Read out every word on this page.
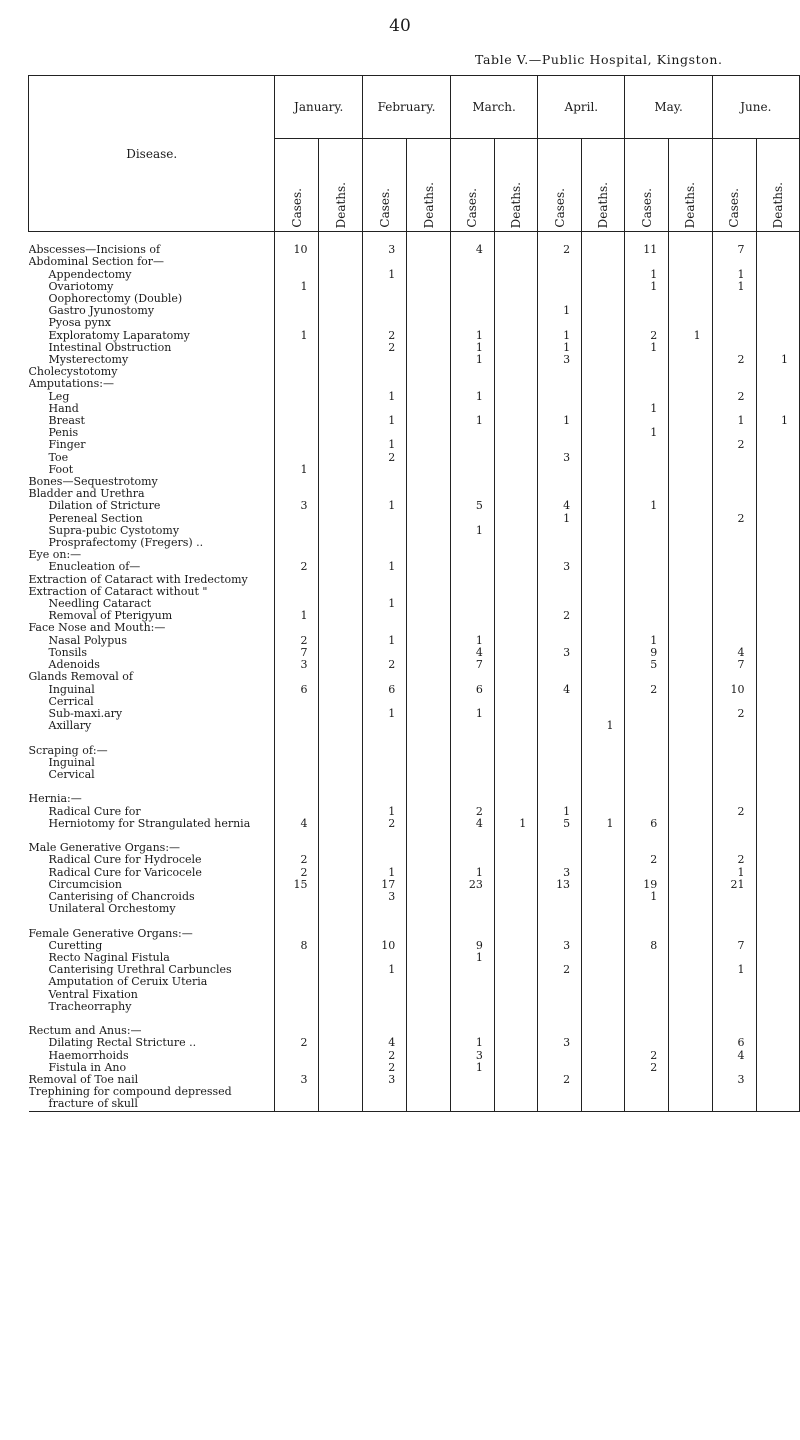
40
Table V.—Public Hospital, Kingston.
Disease.	January.		February.		March.		April.		May.		June.	
	Cases.	Deaths.	Cases.	Deaths.	Cases.	Deaths.	Cases.	Deaths.	Cases.	Deaths.	Cases.	Deaths.

Abscesses—Incisions of	10		3		4		2		11		7	
Abdominal Section for—												
Appendectomy			1						1		1	
Ovariotomy	1								1		1	
Oophorectomy (Double)												
Gastro Jyunostomy							1					
Pyosa pynx												
Exploratomy Laparatomy	1		2		1		1		2	1		
Intestinal Obstruction			2		1		1		1			
Mysterectomy					1		3				2	1
Cholecystotomy												
Amputations:—												
Leg			1		1						2	
Hand									1			
Breast			1		1		1				1	1
Penis									1			
Finger			1								2	
Toe			2				3					
Foot	1											
Bones—Sequestrotomy												
Bladder and Urethra												
Dilation of Stricture	3		1		5		4		1			
Pereneal Section							1				2	
Supra-pubic Cystotomy					1							
Prosprafectomy (Fregers) ..												
Eye on:—												
Enucleation of—	2		1				3					
Extraction of Cataract with Iredectomy												
Extraction of Cataract without "												
Needling Cataract			1									
Removal of Pterigyum	1						2					
Face Nose and Mouth:—												
Nasal Polypus	2		1		1				1			
Tonsils	7				4		3		9		4	
Adenoids	3		2		7				5		7	
Glands Removal of												
Inguinal	6		6		6		4		2		10	
Cerrical												
Sub-maxi.ary			1		1						2	
Axillary								1				

Scraping of:—												
Inguinal												
Cervical												

Hernia:—												
Radical Cure for			1		2		1				2	
Herniotomy for Strangulated hernia	4		2		4	1	5	1	6			

Male Generative Organs:—												
Radical Cure for Hydrocele	2								2		2	
Radical Cure for Varicocele	2		1		1		3				1	
Circumcision	15		17		23		13		19		21	
Canterising of Chancroids			3						1			
Unilateral Orchestomy												

Female Generative Organs:—												
Curetting	8		10		9		3		8		7	
Recto Naginal Fistula					1							
Canterising Urethral Carbuncles			1				2				1	
Amputation of Ceruix Uteria												
Ventral Fixation												
Tracheorraphy												

Rectum and Anus:—												
Dilating Rectal Stricture ..	2		4		1		3				6	
Haemorrhoids			2		3				2		4	
Fistula in Ano			2		1				2			
Removal of Toe nail	3		3				2				3	
Trephining for compound depressed												
fracture of skull												
